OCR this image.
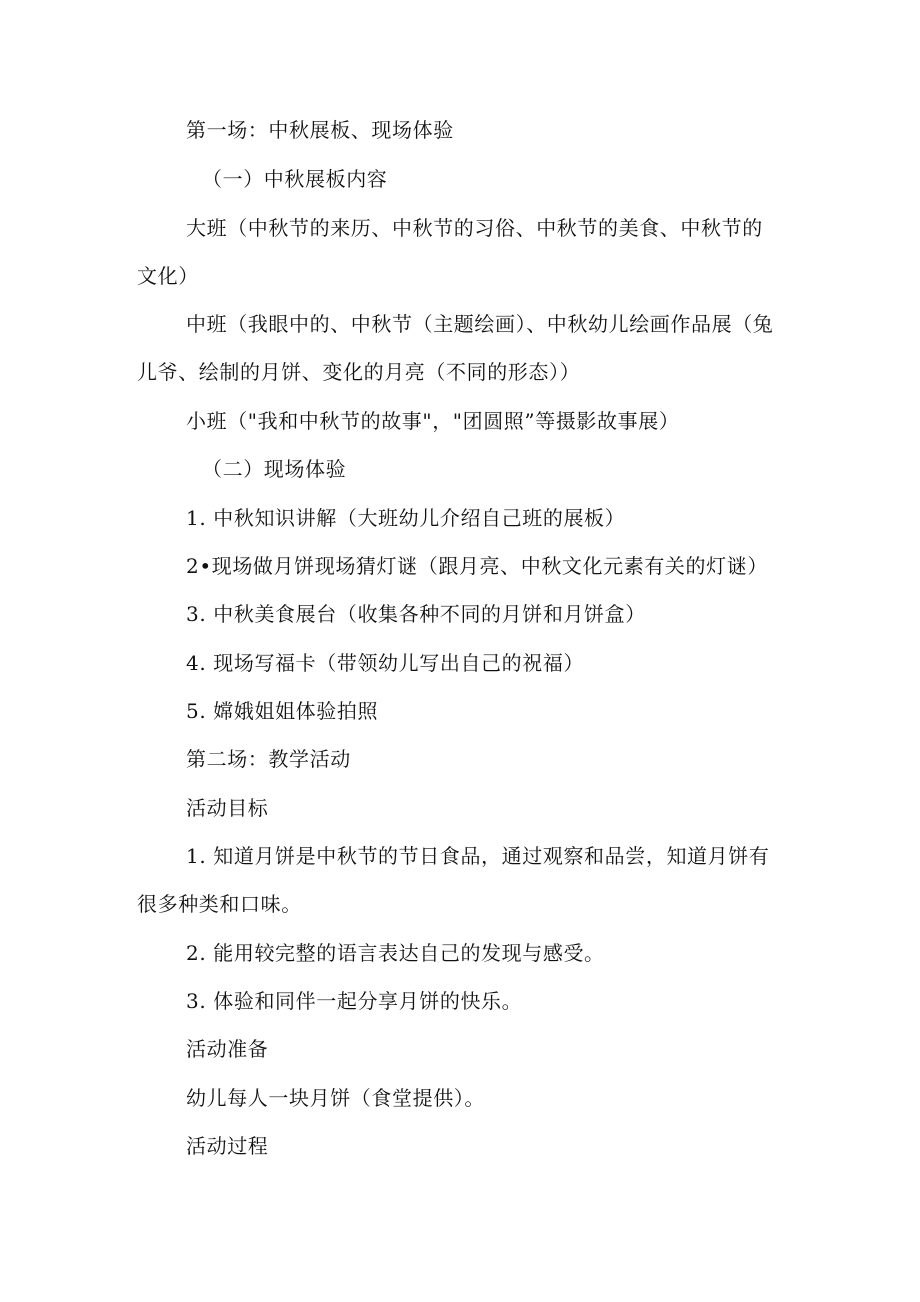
第一场：中秋展板、现场体验
（一）中秋展板内容
大班（中秋节的来历、中秋节的习俗、中秋节的美食、中秋节的
文化）
中班（我眼中的、中秋节（主题绘画）、中秋幼儿绘画作品展（兔
儿爷、绘制的月饼、变化的月亮（不同的形态））
小班（"我和中秋节的故事"，"团圆照”等摄影故事展）
（二）现场体验
1. 中秋知识讲解（大班幼儿介绍自己班的展板）
2•现场做月饼现场猜灯谜（跟月亮、中秋文化元素有关的灯谜）
3. 中秋美食展台（收集各种不同的月饼和月饼盒）
4. 现场写福卡（带领幼儿写出自己的祝福）
5. 嫦娥姐姐体验拍照
第二场：教学活动
活动目标
1. 知道月饼是中秋节的节日食品，通过观察和品尝，知道月饼有
很多种类和口味。
2. 能用较完整的语言表达自己的发现与感受。
3. 体验和同伴一起分享月饼的快乐。
活动准备
幼儿每人一块月饼（食堂提供）。
活动过程
